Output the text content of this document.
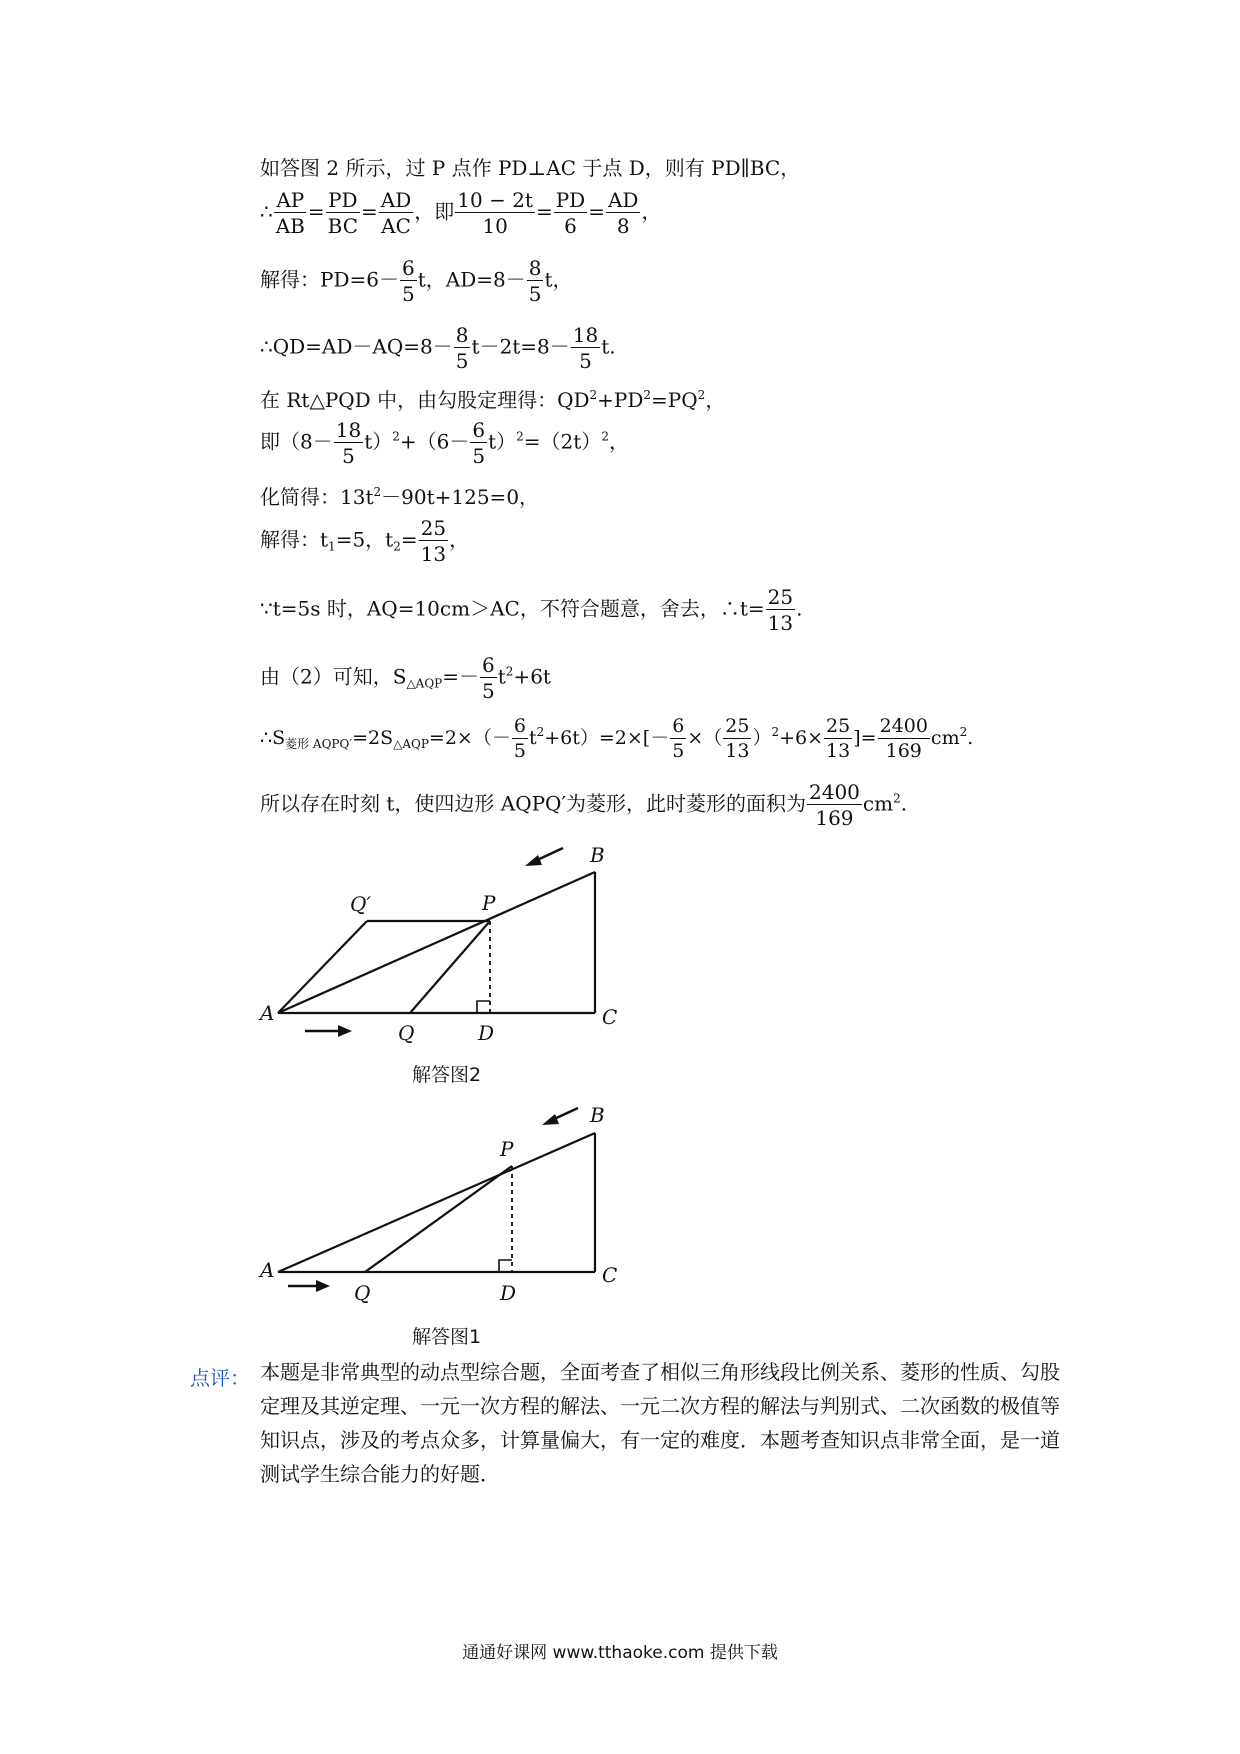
如答图 2 所示，过 P 点作 PD⊥AC 于点 D，则有 PD∥BC，
∴ $\frac{AP}{AB} = \frac{PD}{BC} = \frac{AD}{AC}$ ，即 $\frac{10 - 2t}{10} = \frac{PD}{6} = \frac{AD}{8}$ ，
解得：$PD=6- \frac{6}{5}$ t，$AD=8- \frac{8}{5}$ t，
∴QD=AD－AQ=8－ $\frac{8}{5} t-2t=8- \frac{18}{5} t$.
在 Rt△PQD 中，由勾股定理得：$QD^2+PD^2=PQ^2$，
即$(8- \frac{18}{5} t)^2+(6- \frac{6}{5} t)^2=(2t)^2$，
化简得：$13t^2-90t+125=0$，
解得：$t_1=5$，$t_2= \frac{25}{13}$ ，
∵t=5s 时，AQ=10cm＞AC，不符合题意，舍去，∴t= $\frac{25}{13}$ .
由（2）可知，$S_{\triangle AQP}=- \frac{6}{5} t^2+6t$
$\therefore S_{菱形 AQPQ'}=2S_{\triangle AQP}=2\times(- \frac{6}{5} t^2+6t)=2\times[- \frac{6}{5}$ ×（ $\frac{25}{13} )^2+6\times \frac{25}{13}$ ]= $\frac{2400}{169} cm^2$.
所以存在时刻 t，使四边形 AQPQ′为菱形，此时菱形的面积为 $\frac{2400}{169} cm^2$.
A
B
C
D
P
Q
Q′
解答图2
A
B
C
D
P
Q
解答图1
点评： 本题是非常典型的动点型综合题，全面考查了相似三角形线段比例关系、菱形的性质、勾股定理及其逆定理、一元一次方程的解法、一元二次方程的解法与判别式、二次函数的极值等知识点，涉及的考点众多，计算量偏大，有一定的难度．本题考查知识点非常全面，是一道测试学生综合能力的好题．
通通好课网 www.tthaoke.com 提供下载
